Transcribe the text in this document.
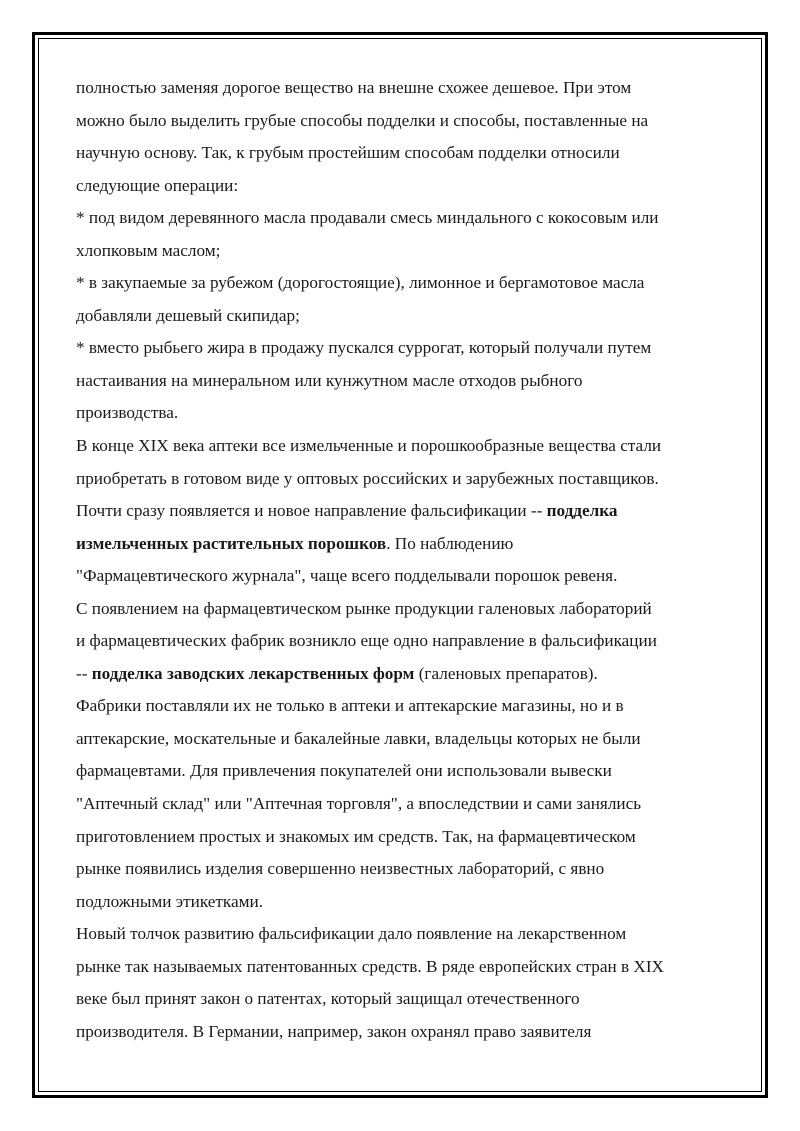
полностью заменяя дорогое вещество на внешне схожее дешевое. При этом
можно было выделить грубые способы подделки и способы, поставленные на
научную основу. Так, к грубым простейшим способам подделки относили
следующие операции:
* под видом деревянного масла продавали смесь миндального с кокосовым или
хлопковым маслом;
* в закупаемые за рубежом (дорогостоящие), лимонное и бергамотовое масла
добавляли дешевый скипидар;
* вместо рыбьего жира в продажу пускался суррогат, который получали путем
настаивания на минеральном или кунжутном масле отходов рыбного
производства.
В конце XIX века аптеки все измельченные и порошкообразные вещества стали
приобретать в готовом виде у оптовых российских и зарубежных поставщиков.
Почти сразу появляется и новое направление фальсификации -- подделка
измельченных растительных порошков. По наблюдению
"Фармацевтического журнала", чаще всего подделывали порошок ревеня.
С появлением на фармацевтическом рынке продукции галеновых лабораторий
и фармацевтических фабрик возникло еще одно направление в фальсификации
-- подделка заводских лекарственных форм (галеновых препаратов).
Фабрики поставляли их не только в аптеки и аптекарские магазины, но и в
аптекарские, москательные и бакалейные лавки, владельцы которых не были
фармацевтами. Для привлечения покупателей они использовали вывески
"Аптечный склад" или "Аптечная торговля", а впоследствии и сами занялись
приготовлением простых и знакомых им средств. Так, на фармацевтическом
рынке появились изделия совершенно неизвестных лабораторий, с явно
подложными этикетками.
Новый толчок развитию фальсификации дало появление на лекарственном
рынке так называемых патентованных средств. В ряде европейских стран в XIX
веке был принят закон о патентах, который защищал отечественного
производителя. В Германии, например, закон охранял право заявителя
